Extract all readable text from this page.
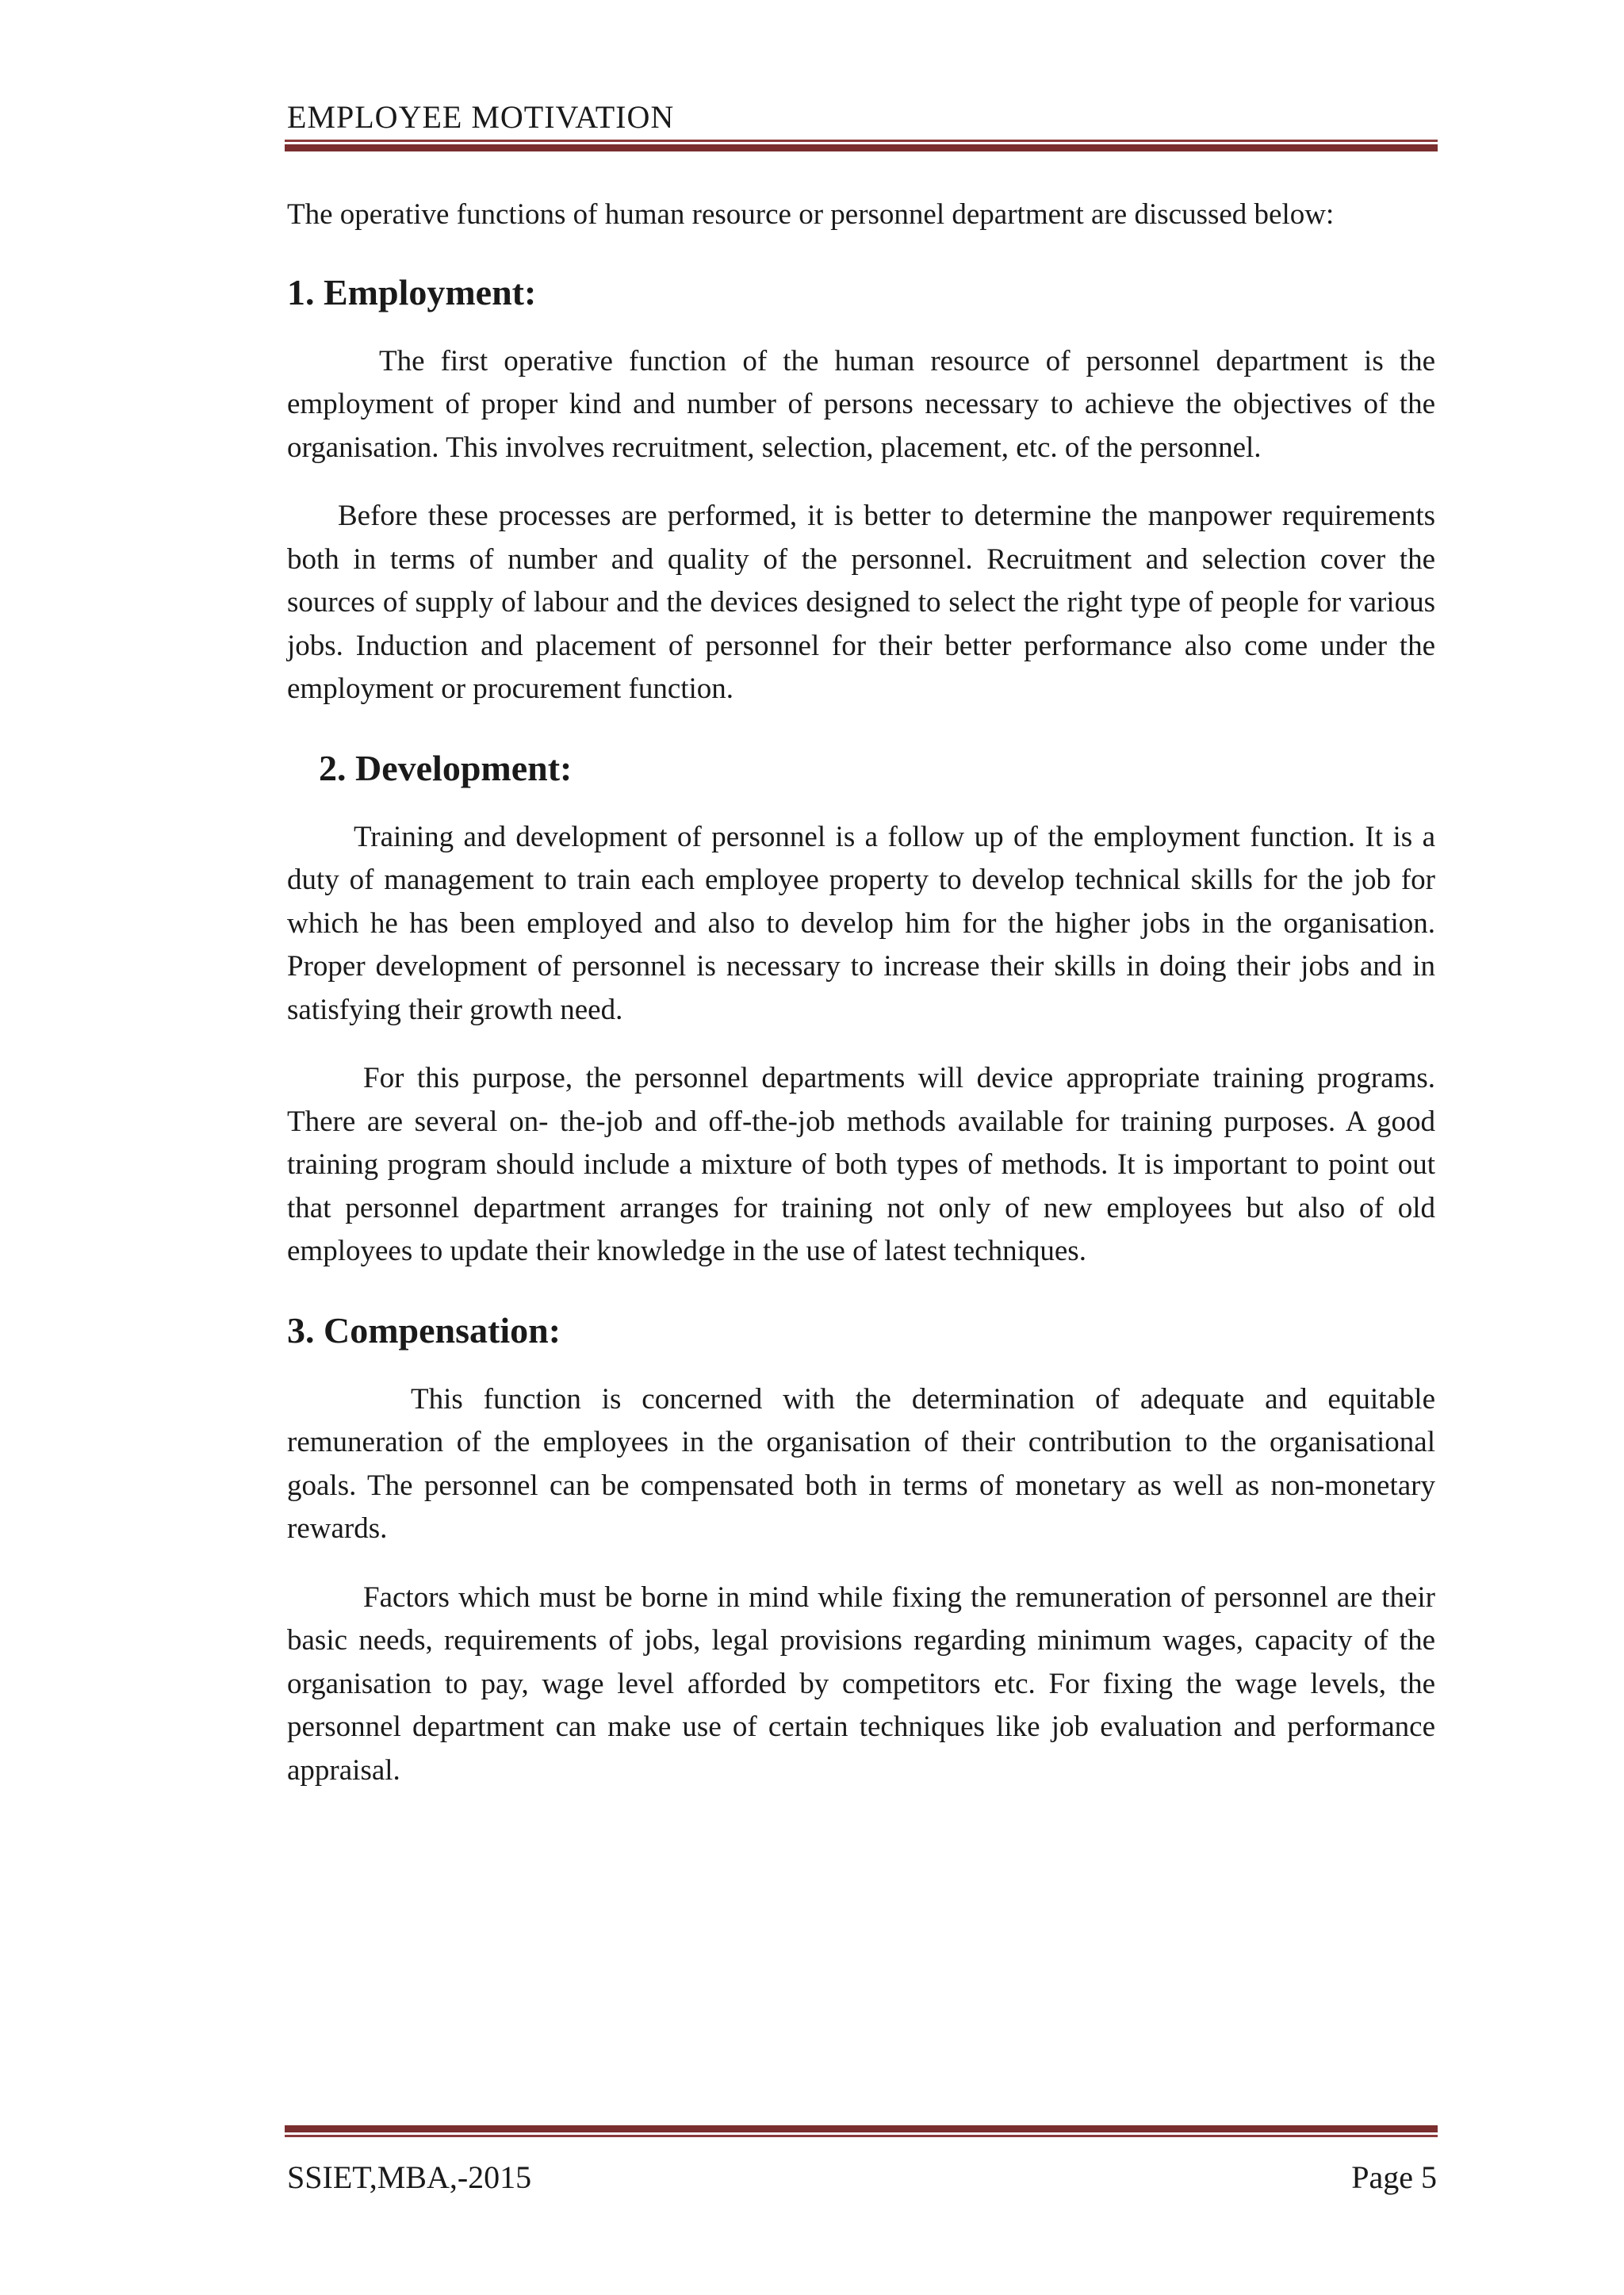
EMPLOYEE MOTIVATION

The operative functions of human resource or personnel department are discussed below:

1. Employment:

The first operative function of the human resource of personnel department is the employment of proper kind and number of persons necessary to achieve the objectives of the organisation. This involves recruitment, selection, placement, etc. of the personnel.

Before these processes are performed, it is better to determine the manpower requirements both in terms of number and quality of the personnel. Recruitment and selection cover the sources of supply of labour and the devices designed to select the right type of people for various jobs. Induction and placement of personnel for their better performance also come under the employment or procurement function.

2. Development:

Training and development of personnel is a follow up of the employment function. It is a duty of management to train each employee property to develop technical skills for the job for which he has been employed and also to develop him for the higher jobs in the organisation. Proper development of personnel is necessary to increase their skills in doing their jobs and in satisfying their growth need.

For this purpose, the personnel departments will device appropriate training programs. There are several on- the-job and off-the-job methods available for training purposes. A good training program should include a mixture of both types of methods. It is important to point out that personnel department arranges for training not only of new employees but also of old employees to update their knowledge in the use of latest techniques.

3. Compensation:

This function is concerned with the determination of adequate and equitable remuneration of the employees in the organisation of their contribution to the organisational goals. The personnel can be compensated both in terms of monetary as well as non-monetary rewards.

Factors which must be borne in mind while fixing the remuneration of personnel are their basic needs, requirements of jobs, legal provisions regarding minimum wages, capacity of the organisation to pay, wage level afforded by competitors etc. For fixing the wage levels, the personnel department can make use of certain techniques like job evaluation and performance appraisal.

SSIET,MBA,-2015	Page 5
